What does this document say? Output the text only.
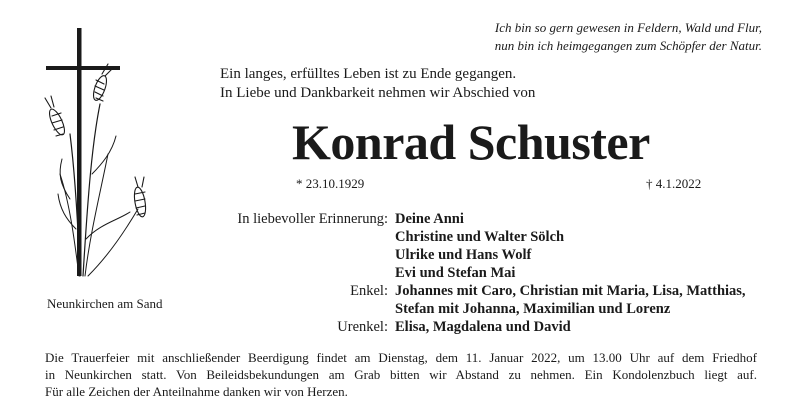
Ich bin so gern gewesen in Feldern, Wald und Flur,
nun bin ich heimgegangen zum Schöpfer der Natur.
Ein langes, erfülltes Leben ist zu Ende gegangen.
In Liebe und Dankbarkeit nehmen wir Abschied von
Konrad Schuster
* 23.10.1929	† 4.1.2022
Neunkirchen am Sand
In liebevoller Erinnerung: Deine Anni
Christine und Walter Sölch
Ulrike und Hans Wolf
Evi und Stefan Mai
Enkel: Johannes mit Caro, Christian mit Maria, Lisa, Matthias,
Stefan mit Johanna, Maximilian und Lorenz
Urenkel: Elisa, Magdalena und David

Die Trauerfeier mit anschließender Beerdigung findet am Dienstag, dem 11. Januar 2022, um 13.00 Uhr auf dem Friedhof

in Neunkirchen statt. Von Beileidsbekundungen am Grab bitten wir Abstand zu nehmen. Ein Kondolenzbuch liegt auf.

Für alle Zeichen der Anteilnahme danken wir von Herzen.
